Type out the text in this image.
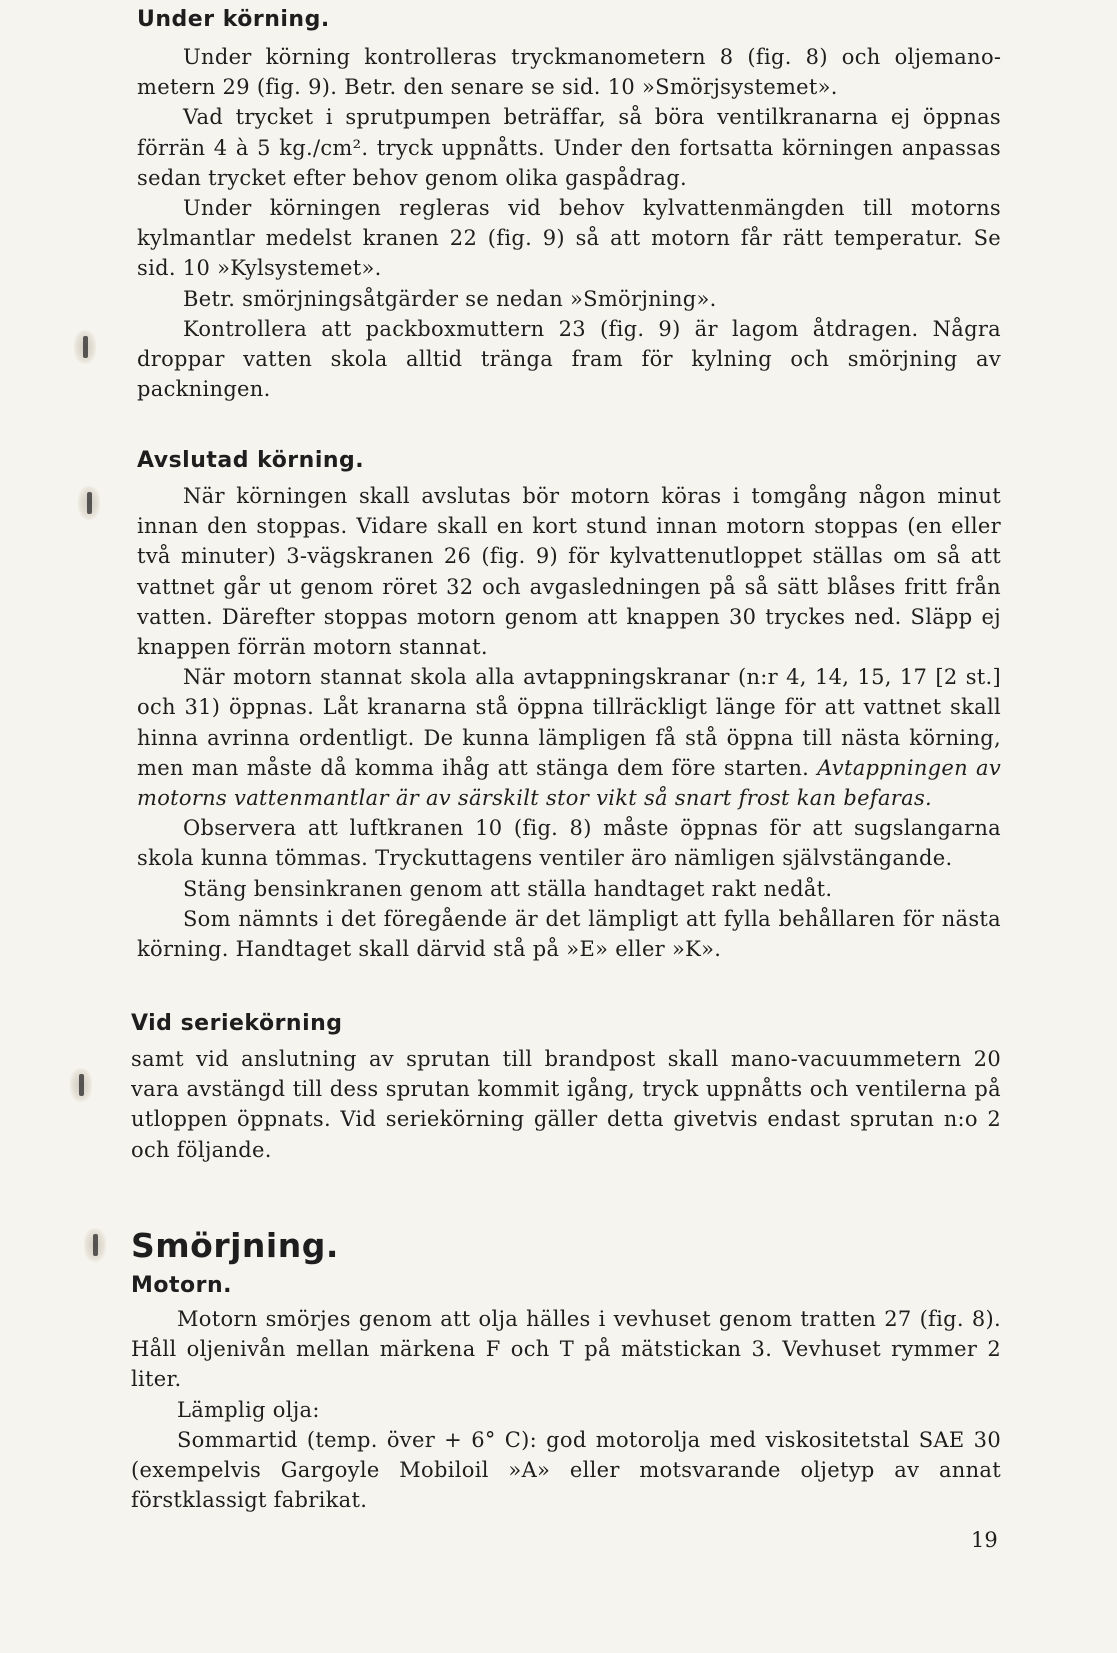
Under körning.

Under körning kontrolleras tryckmanometern 8 (fig. 8) och oljemanometern 29 (fig. 9). Betr. den senare se sid. 10 »Smörjsystemet».

Vad trycket i sprutpumpen beträffar, så böra ventilkranarna ej öppnas förrän 4 à 5 kg./cm². tryck uppnåtts. Under den fortsatta körningen anpassas sedan trycket efter behov genom olika gaspådrag.

Under körningen regleras vid behov kylvattenmängden till motorns kylmantlar medelst kranen 22 (fig. 9) så att motorn får rätt temperatur. Se sid. 10 »Kylsystemet».

Betr. smörjningsåtgärder se nedan »Smörjning».

Kontrollera att packboxmuttern 23 (fig. 9) är lagom åtdragen. Några droppar vatten skola alltid tränga fram för kylning och smörjning av packningen.

Avslutad körning.

När körningen skall avslutas bör motorn köras i tomgång någon minut innan den stoppas. Vidare skall en kort stund innan motorn stoppas (en eller två minuter) 3-vägskranen 26 (fig. 9) för kylvattenutloppet ställas om så att vattnet går ut genom röret 32 och avgasledningen på så sätt blåses fritt från vatten. Därefter stoppas motorn genom att knappen 30 tryckes ned. Släpp ej knappen förrän motorn stannat.

När motorn stannat skola alla avtappningskranar (n:r 4, 14, 15, 17 [2 st.] och 31) öppnas. Låt kranarna stå öppna tillräckligt länge för att vattnet skall hinna avrinna ordentligt. De kunna lämpligen få stå öppna till nästa körning, men man måste då komma ihåg att stänga dem före starten. Avtappningen av motorns vattenmantlar är av särskilt stor vikt så snart frost kan befaras.

Observera att luftkranen 10 (fig. 8) måste öppnas för att sugslangarna skola kunna tömmas. Tryckuttagens ventiler äro nämligen självstängande.

Stäng bensinkranen genom att ställa handtaget rakt nedåt.

Som nämnts i det föregående är det lämpligt att fylla behållaren för nästa körning. Handtaget skall därvid stå på »E» eller »K».

Vid seriekörning

samt vid anslutning av sprutan till brandpost skall mano-vacuummetern 20 vara avstängd till dess sprutan kommit igång, tryck uppnåtts och ventilerna på utloppen öppnats. Vid seriekörning gäller detta givetvis endast sprutan n:o 2 och följande.

Smörjning.
Motorn.

Motorn smörjes genom att olja hälles i vevhuset genom tratten 27 (fig. 8). Håll oljenivån mellan märkena F och T på mätstickan 3. Vevhuset rymmer 2 liter.

Lämplig olja:

Sommartid (temp. över + 6° C): god motorolja med viskositetstal SAE 30 (exempelvis Gargoyle Mobiloil »A» eller motsvarande oljetyp av annat förstklassigt fabrikat.

19
